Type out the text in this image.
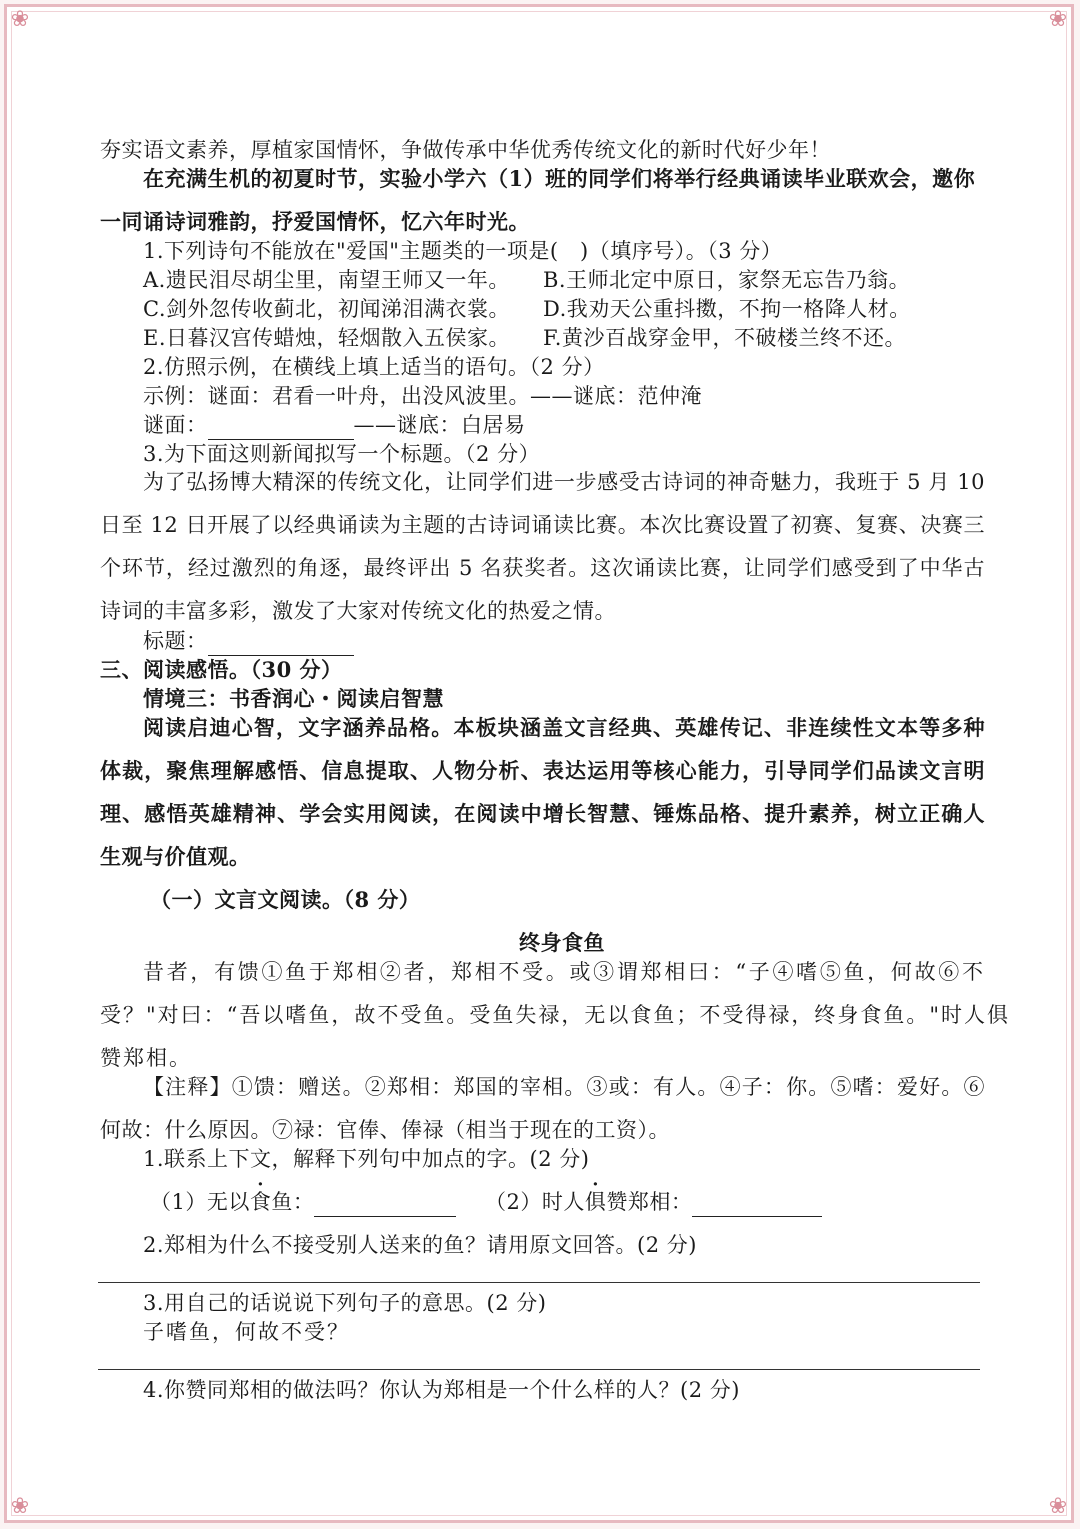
❀	❀
❀	❀
夯实语文素养，厚植家国情怀，争做传承中华优秀传统文化的新时代好少年！
在充满生机的初夏时节，实验小学六（1）班的同学们将举行经典诵读毕业联欢会，邀你
一同诵诗词雅韵，抒爱国情怀，忆六年时光。
1.下列诗句不能放在"爱国"主题类的一项是(　)（填序号）。（3 分）
A.遗民泪尽胡尘里，南望王师又一年。 B.王师北定中原日，家祭无忘告乃翁。
C.剑外忽传收蓟北，初闻涕泪满衣裳。 D.我劝天公重抖擞，不拘一格降人材。
E.日暮汉宫传蜡烛，轻烟散入五侯家。 F.黄沙百战穿金甲，不破楼兰终不还。
2.仿照示例，在横线上填上适当的语句。（2 分）
示例：谜面：君看一叶舟，出没风波里。——谜底：范仲淹
谜面：	——谜底：白居易
3.为下面这则新闻拟写一个标题。（2 分）
为了弘扬博大精深的传统文化，让同学们进一步感受古诗词的神奇魅力，我班于 5 月 10
日至 12 日开展了以经典诵读为主题的古诗词诵读比赛。本次比赛设置了初赛、复赛、决赛三
个环节，经过激烈的角逐，最终评出 5 名获奖者。这次诵读比赛，让同学们感受到了中华古
诗词的丰富多彩，激发了大家对传统文化的热爱之情。
标题：
三、阅读感悟。（30 分）
情境三：书香润心・阅读启智慧
阅读启迪心智，文字涵养品格。本板块涵盖文言经典、英雄传记、非连续性文本等多种
体裁，聚焦理解感悟、信息提取、人物分析、表达运用等核心能力，引导同学们品读文言明
理、感悟英雄精神、学会实用阅读，在阅读中增长智慧、锤炼品格、提升素养，树立正确人
生观与价值观。
（一）文言文阅读。（8 分）
终身食鱼
昔者，有馈①鱼于郑相②者，郑相不受。或③谓郑相曰：“子④嗜⑤鱼，何故⑥不
受？"对曰：“吾以嗜鱼，故不受鱼。受鱼失禄，无以食鱼；不受得禄，终身食鱼。"时人俱
赞郑相。
【注释】①馈：赠送。②郑相：郑国的宰相。③或：有人。④子：你。⑤嗜：爱好。⑥
何故：什么原因。⑦禄：官俸、俸禄（相当于现在的工资）。
1.联系上下文，解释下列句中加点的字。(2 分)
（1）无以食鱼：	（2）时人俱赞郑相：
2.郑相为什么不接受别人送来的鱼？请用原文回答。(2 分)
3.用自己的话说说下列句子的意思。(2 分)
子嗜鱼，何故不受？
4.你赞同郑相的做法吗？你认为郑相是一个什么样的人？(2 分)
